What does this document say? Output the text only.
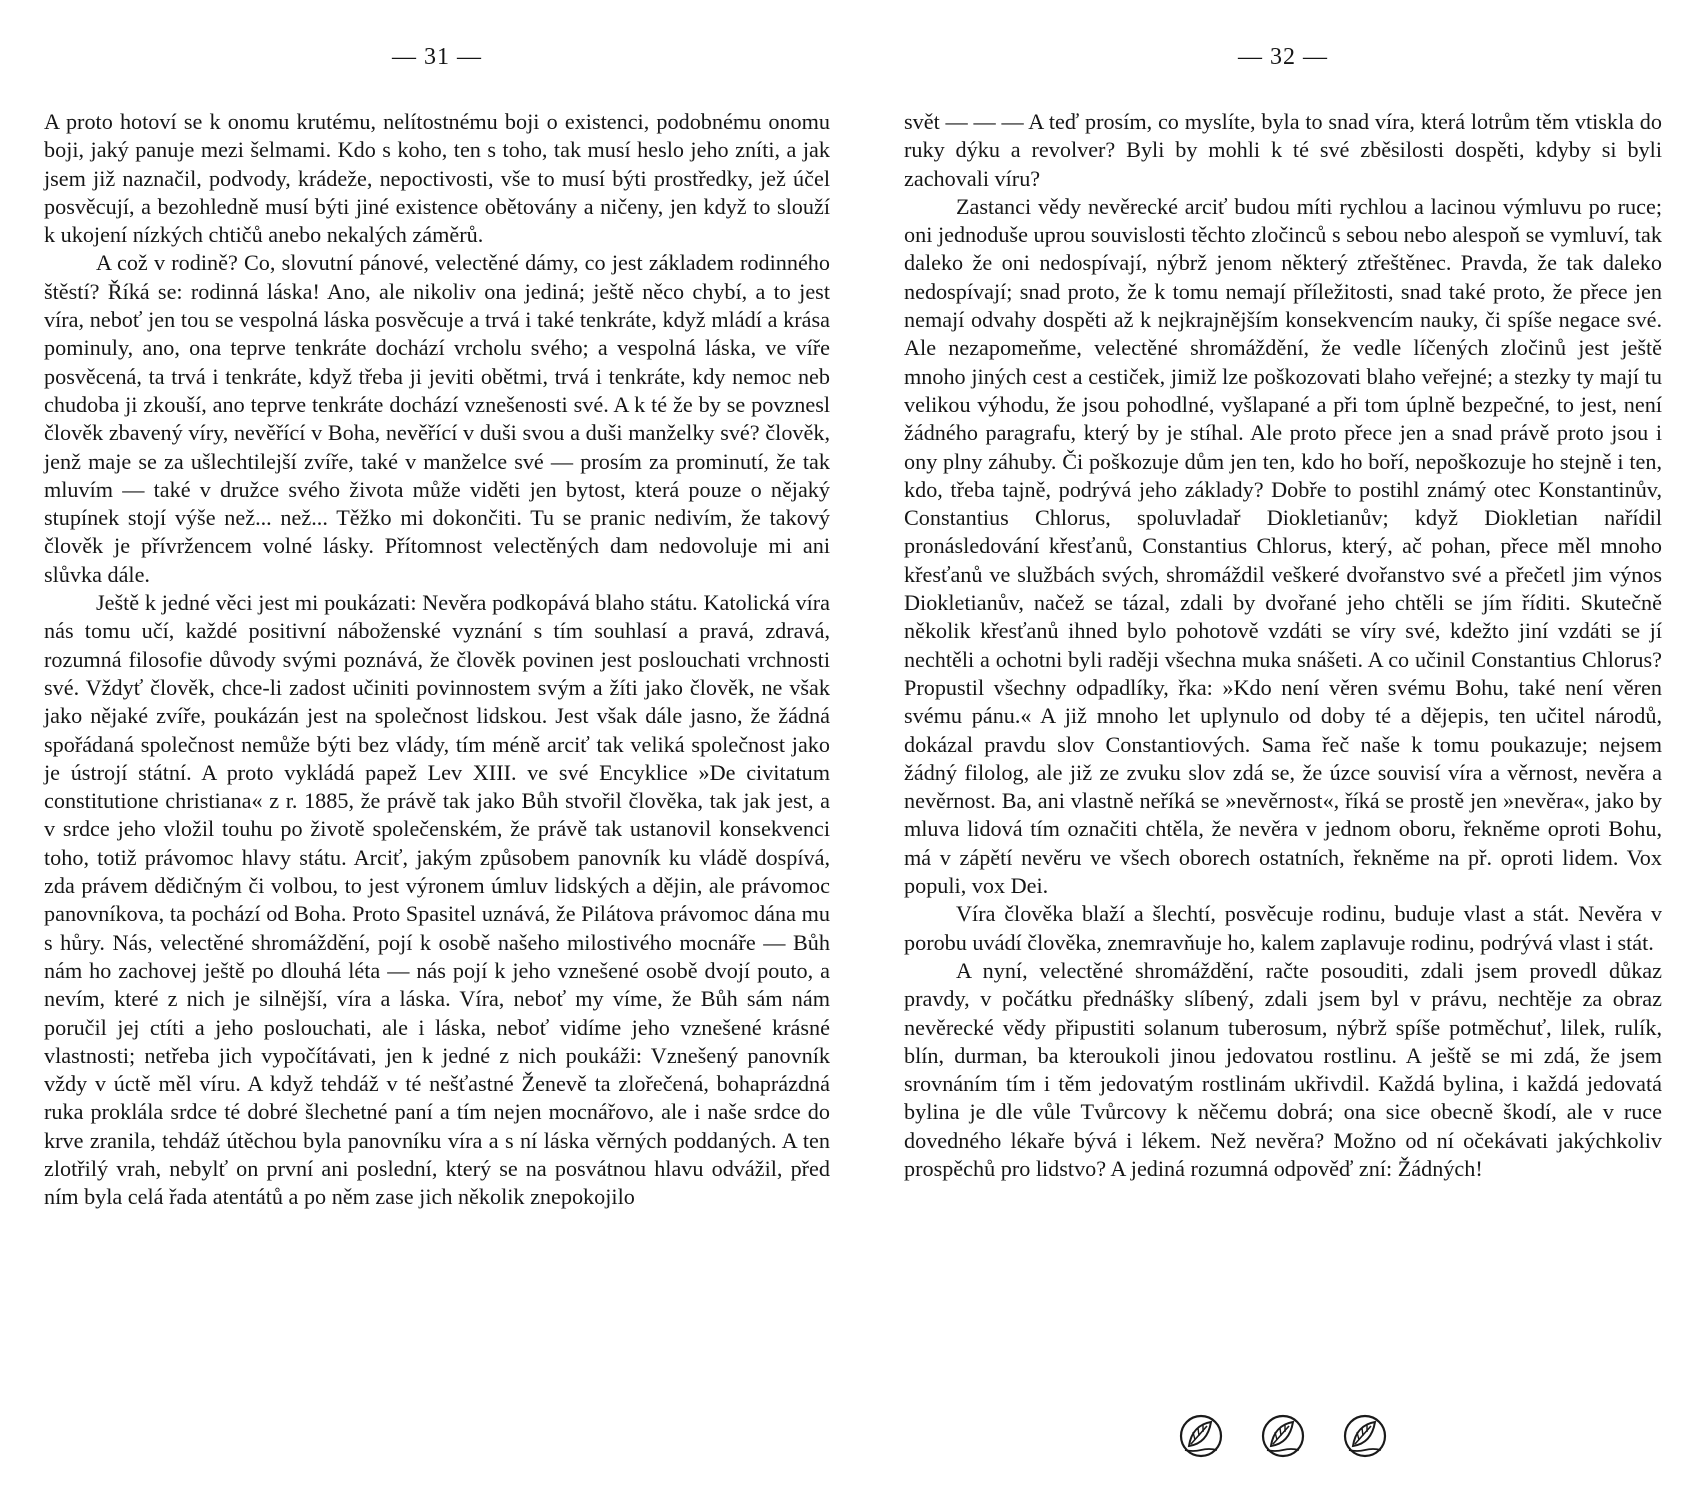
— 31 —

A proto hotoví se k onomu krutému, nelítostnému boji o existenci, podobnému onomu boji, jaký panuje mezi šelmami. Kdo s koho, ten s toho, tak musí heslo jeho zníti, a jak jsem již naznačil, podvody, krádeže, nepoctivosti, vše to musí býti prostředky, jež účel posvěcují, a bezohledně musí býti jiné existence obětovány a ničeny, jen když to slouží k ukojení nízkých chtičů anebo nekalých záměrů.

A což v rodině? Co, slovutní pánové, velectěné dámy, co jest základem rodinného štěstí? Říká se: rodinná láska! Ano, ale nikoliv ona jediná; ještě něco chybí, a to jest víra, neboť jen tou se vespolná láska posvěcuje a trvá i také tenkráte, když mládí a krása pominuly, ano, ona teprve tenkráte dochází vrcholu svého; a vespolná láska, ve víře posvěcená, ta trvá i tenkráte, když třeba ji jeviti obětmi, trvá i tenkráte, kdy nemoc neb chudoba ji zkouší, ano teprve tenkráte dochází vznešenosti své. A k té že by se povznesl člověk zbavený víry, nevěřící v Boha, nevěřící v duši svou a duši manželky své? člověk, jenž maje se za ušlechtilejší zvíře, také v manželce své — prosím za prominutí, že tak mluvím — také v družce svého života může viděti jen bytost, která pouze o nějaký stupínek stojí výše než... než... Těžko mi dokončiti. Tu se pranic nedivím, že takový člověk je přívržencem volné lásky. Přítomnost velectěných dam nedovoluje mi ani slůvka dále.

Ještě k jedné věci jest mi poukázati: Nevěra podkopává blaho státu. Katolická víra nás tomu učí, každé positivní náboženské vyznání s tím souhlasí a pravá, zdravá, rozumná filosofie důvody svými poznává, že člověk povinen jest poslouchati vrchnosti své. Vždyť člověk, chce-li zadost učiniti povinnostem svým a žíti jako člověk, ne však jako nějaké zvíře, poukázán jest na společnost lidskou. Jest však dále jasno, že žádná spořádaná společnost nemůže býti bez vlády, tím méně arciť tak veliká společnost jako je ústrojí státní. A proto vykládá papež Lev XIII. ve své Encyklice »De civitatum constitutione christiana« z r. 1885, že právě tak jako Bůh stvořil člověka, tak jak jest, a v srdce jeho vložil touhu po životě společenském, že právě tak ustanovil konsekvenci toho, totiž právomoc hlavy státu. Arciť, jakým způsobem panovník ku vládě dospívá, zda právem dědičným či volbou, to jest výronem úmluv lidských a dějin, ale právomoc panovníkova, ta pochází od Boha. Proto Spasitel uznává, že Pilátova právomoc dána mu s hůry. Nás, velectěné shromáždění, pojí k osobě našeho milostivého mocnáře — Bůh nám ho zachovej ještě po dlouhá léta — nás pojí k jeho vznešené osobě dvojí pouto, a nevím, které z nich je silnější, víra a láska. Víra, neboť my víme, že Bůh sám nám poručil jej ctíti a jeho poslouchati, ale i láska, neboť vidíme jeho vznešené krásné vlastnosti; netřeba jich vypočítávati, jen k jedné z nich poukáži: Vznešený panovník vždy v úctě měl víru. A když tehdáž v té nešťastné Ženevě ta zlořečená, bohaprázdná ruka proklála srdce té dobré šlechetné paní a tím nejen mocnářovo, ale i naše srdce do krve zranila, tehdáž útěchou byla panovníku víra a s ní láska věrných poddaných. A ten zlotřilý vrah, nebylť on první ani poslední, který se na posvátnou hlavu odvážil, před ním byla celá řada atentátů a po něm zase jich několik znepokojilo

— 32 —

svět — — — A teď prosím, co myslíte, byla to snad víra, která lotrům těm vtiskla do ruky dýku a revolver? Byli by mohli k té své zběsilosti dospěti, kdyby si byli zachovali víru?

Zastanci vědy nevěrecké arciť budou míti rychlou a lacinou výmluvu po ruce; oni jednoduše uprou souvislosti těchto zločinců s sebou nebo alespoň se vymluví, tak daleko že oni nedospívají, nýbrž jenom některý ztřeštěnec. Pravda, že tak daleko nedospívají; snad proto, že k tomu nemají příležitosti, snad také proto, že přece jen nemají odvahy dospěti až k nejkrajnějším konsekvencím nauky, či spíše negace své. Ale nezapomeňme, velectěné shromáždění, že vedle líčených zločinů jest ještě mnoho jiných cest a cestiček, jimiž lze poškozovati blaho veřejné; a stezky ty mají tu velikou výhodu, že jsou pohodlné, vyšlapané a při tom úplně bezpečné, to jest, není žádného paragrafu, který by je stíhal. Ale proto přece jen a snad právě proto jsou i ony plny záhuby. Či poškozuje dům jen ten, kdo ho boří, nepoškozuje ho stejně i ten, kdo, třeba tajně, podrývá jeho základy? Dobře to postihl známý otec Konstantinův, Constantius Chlorus, spoluvladař Diokletianův; když Diokletian nařídil pronásledování křesťanů, Constantius Chlorus, který, ač pohan, přece měl mnoho křesťanů ve službách svých, shromáždil veškeré dvořanstvo své a přečetl jim výnos Diokletianův, načež se tázal, zdali by dvořané jeho chtěli se jím říditi. Skutečně několik křesťanů ihned bylo pohotově vzdáti se víry své, kdežto jiní vzdáti se jí nechtěli a ochotni byli raději všechna muka snášeti. A co učinil Constantius Chlorus? Propustil všechny odpadlíky, řka: »Kdo není věren svému Bohu, také není věren svému pánu.« A již mnoho let uplynulo od doby té a dějepis, ten učitel národů, dokázal pravdu slov Constantiových. Sama řeč naše k tomu poukazuje; nejsem žádný filolog, ale již ze zvuku slov zdá se, že úzce souvisí víra a věrnost, nevěra a nevěrnost. Ba, ani vlastně neříká se »nevěrnost«, říká se prostě jen »nevěra«, jako by mluva lidová tím označiti chtěla, že nevěra v jednom oboru, řekněme oproti Bohu, má v zápětí nevěru ve všech oborech ostatních, řekněme na př. oproti lidem. Vox populi, vox Dei.

Víra člověka blaží a šlechtí, posvěcuje rodinu, buduje vlast a stát. Nevěra v porobu uvádí člověka, znemravňuje ho, kalem zaplavuje rodinu, podrývá vlast i stát.

A nyní, velectěné shromáždění, račte posouditi, zdali jsem provedl důkaz pravdy, v počátku přednášky slíbený, zdali jsem byl v právu, nechtěje za obraz nevěrecké vědy připustiti solanum tuberosum, nýbrž spíše potměchuť, lilek, rulík, blín, durman, ba kteroukoli jinou jedovatou rostlinu. A ještě se mi zdá, že jsem srovnáním tím i těm jedovatým rostlinám ukřivdil. Každá bylina, i každá jedovatá bylina je dle vůle Tvůrcovy k něčemu dobrá; ona sice obecně škodí, ale v ruce dovedného lékaře bývá i lékem. Než nevěra? Možno od ní očekávati jakýchkoliv prospěchů pro lidstvo? A jediná rozumná odpověď zní: Žádných!
